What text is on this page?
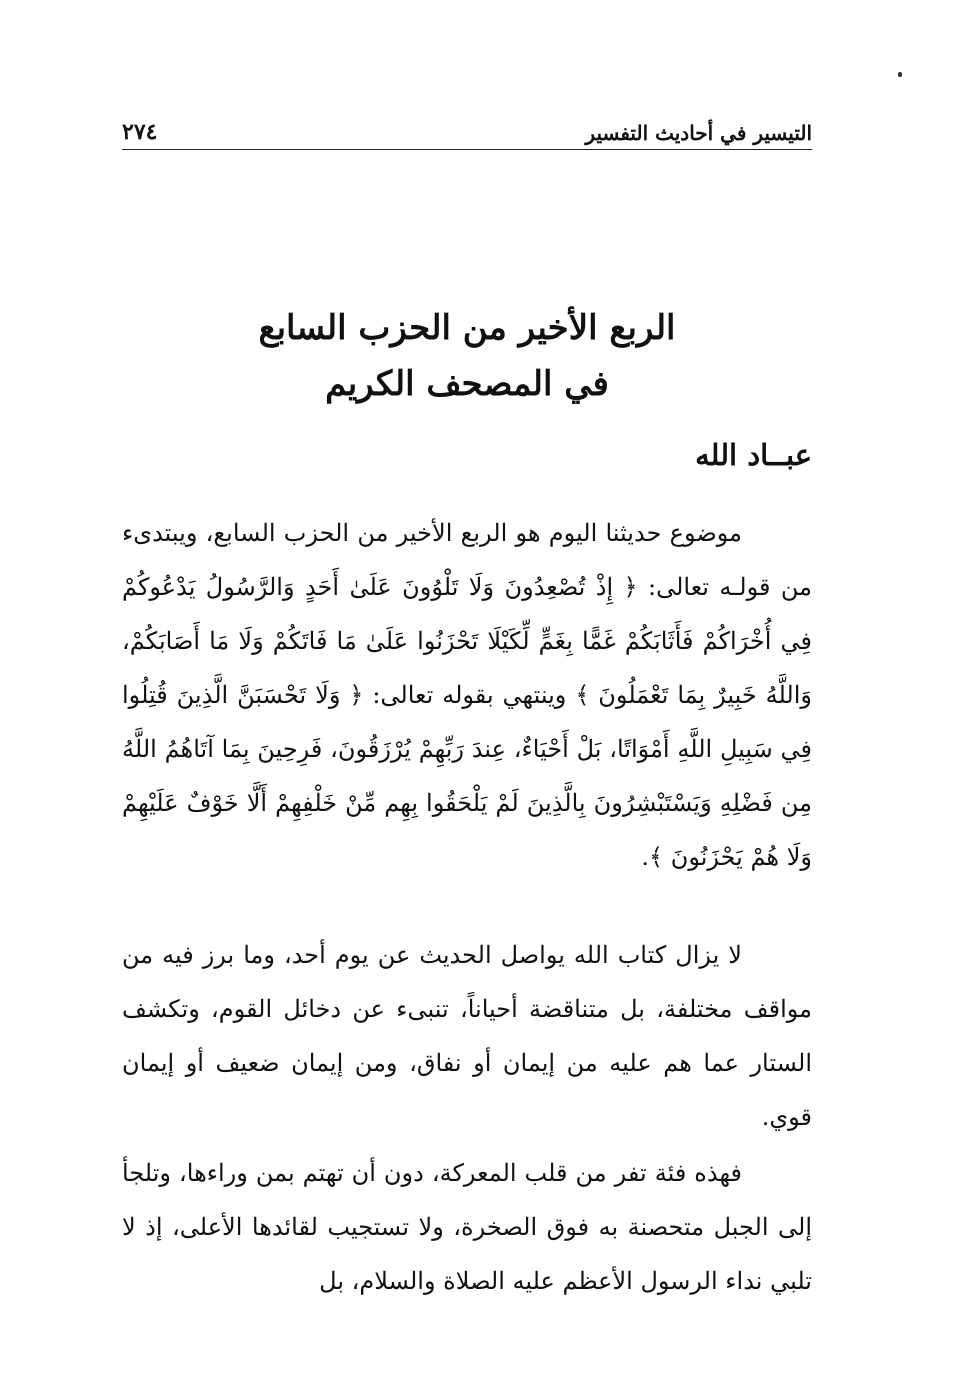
التيسير في أحاديث التفسير
٢٧٤
الربع الأخير من الحزب السابع
في المصحف الكريم
عبــاد الله

موضوع حديثنا اليوم هو الربع الأخير من الحزب السابع، ويبتدىء من قولـه تعالى: ﴿ إِذْ تُصْعِدُونَ وَلَا تَلْوُونَ عَلَىٰ أَحَدٍ وَالرَّسُولُ يَدْعُوكُمْ فِي أُخْرَاكُمْ فَأَثَابَكُمْ غَمًّا بِغَمٍّ لِّكَيْلَا تَحْزَنُوا عَلَىٰ مَا فَاتَكُمْ وَلَا مَا أَصَابَكُمْ، وَاللَّهُ خَبِيرٌ بِمَا تَعْمَلُونَ ﴾ وينتهي بقوله تعالى: ﴿ وَلَا تَحْسَبَنَّ الَّذِينَ قُتِلُوا فِي سَبِيلِ اللَّهِ أَمْوَاتًا، بَلْ أَحْيَاءٌ، عِندَ رَبِّهِمْ يُرْزَقُونَ، فَرِحِينَ بِمَا آتَاهُمُ اللَّهُ مِن فَضْلِهِ وَيَسْتَبْشِرُونَ بِالَّذِينَ لَمْ يَلْحَقُوا بِهِم مِّنْ خَلْفِهِمْ أَلَّا خَوْفٌ عَلَيْهِمْ وَلَا هُمْ يَحْزَنُونَ ﴾.

لا يزال كتاب الله يواصل الحديث عن يوم أحد، وما برز فيه من مواقف مختلفة، بل متناقضة أحياناً، تنبىء عن دخائل القوم، وتكشف الستار عما هم عليه من إيمان أو نفاق، ومن إيمان ضعيف أو إيمان قوي.

فهذه فئة تفر من قلب المعركة، دون أن تهتم بمن وراءها، وتلجأ إلى الجبل متحصنة به فوق الصخرة، ولا تستجيب لقائدها الأعلى، إذ لا تلبي نداء الرسول الأعظم عليه الصلاة والسلام، بل
